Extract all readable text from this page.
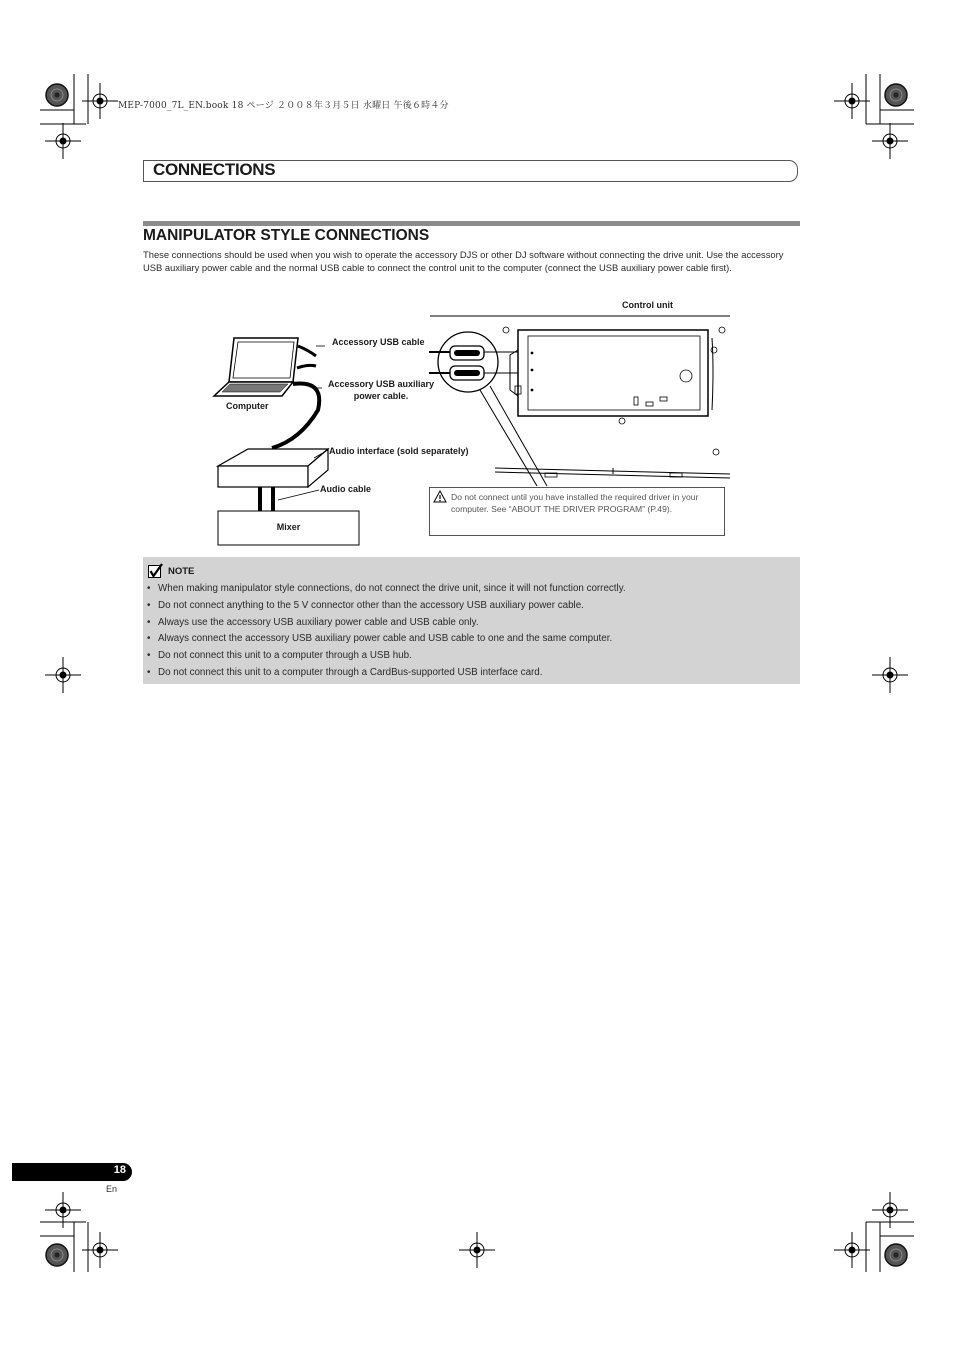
MEP-7000_7L_EN.book 18 ページ ２００８年３月５日 水曜日 午後６時４分
CONNECTIONS
MANIPULATOR STYLE CONNECTIONS
These connections should be used when you wish to operate the accessory DJS or other DJ software without connecting the drive unit. Use the accessory USB auxiliary power cable and the normal USB cable to connect the control unit to the computer (connect the USB auxiliary power cable first).
Control unit
Accessory USB cable
Accessory USB auxiliary
power cable.
Computer
Audio interface (sold separately)
Audio cable
Mixer
Do not connect until you have installed the required driver in your computer. See “ABOUT THE DRIVER PROGRAM” (P.49).
NOTE
• When making manipulator style connections, do not connect the drive unit, since it will not function correctly.
• Do not connect anything to the 5 V connector other than the accessory USB auxiliary power cable.
• Always use the accessory USB auxiliary power cable and USB cable only.
• Always connect the accessory USB auxiliary power cable and USB cable to one and the same computer.
• Do not connect this unit to a computer through a USB hub.
• Do not connect this unit to a computer through a CardBus-supported USB interface card.
18
En
